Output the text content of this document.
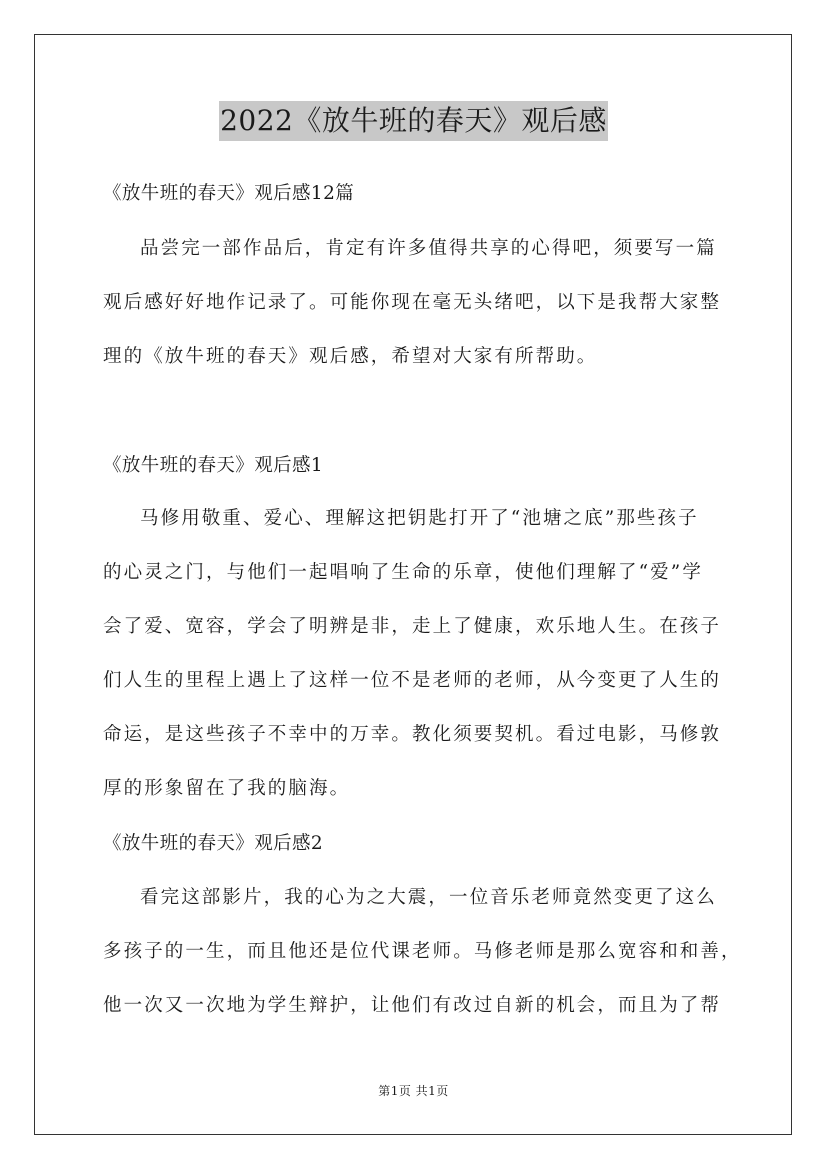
2022《放牛班的春天》观后感
《放牛班的春天》观后感12篇
品尝完一部作品后，肯定有许多值得共享的心得吧，须要写一篇
观后感好好地作记录了。可能你现在毫无头绪吧，以下是我帮大家整
理的《放牛班的春天》观后感，希望对大家有所帮助。
《放牛班的春天》观后感1
马修用敬重、爱心、理解这把钥匙打开了“池塘之底”那些孩子
的心灵之门，与他们一起唱响了生命的乐章，使他们理解了“爱”学
会了爱、宽容，学会了明辨是非，走上了健康，欢乐地人生。在孩子
们人生的里程上遇上了这样一位不是老师的老师，从今变更了人生的
命运，是这些孩子不幸中的万幸。教化须要契机。看过电影，马修敦
厚的形象留在了我的脑海。
《放牛班的春天》观后感2
看完这部影片，我的心为之大震，一位音乐老师竟然变更了这么
多孩子的一生，而且他还是位代课老师。马修老师是那么宽容和和善，
他一次又一次地为学生辩护，让他们有改过自新的机会，而且为了帮
第1页 共1页
